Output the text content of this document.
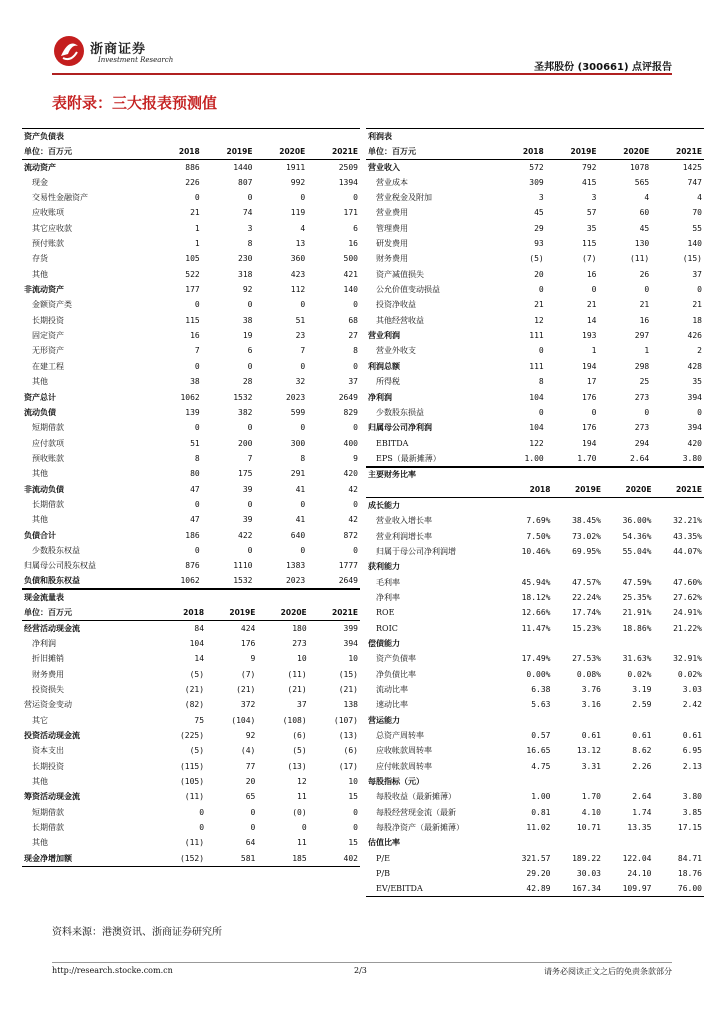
浙商证券
Investment Research
圣邦股份 (300661) 点评报告
表附录：三大报表预测值
资产负债表				
单位：百万元	2018	2019E	2020E	2021E
流动资产	886	1440	1911	2509
现金	226	807	992	1394
交易性金融资产	0	0	0	0
应收账项	21	74	119	171
其它应收款	1	3	4	6
预付账款	1	8	13	16
存货	105	230	360	500
其他	522	318	423	421
非流动资产	177	92	112	140
金额资产类	0	0	0	0
长期投资	115	38	51	68
固定资产	16	19	23	27
无形资产	7	6	7	8
在建工程	0	0	0	0
其他	38	28	32	37
资产总计	1062	1532	2023	2649
流动负债	139	382	599	829
短期借款	0	0	0	0
应付款项	51	200	300	400
预收账款	8	7	8	9
其他	80	175	291	420
非流动负债	47	39	41	42
长期借款	0	0	0	0
其他	47	39	41	42
负债合计	186	422	640	872
少数股东权益	0	0	0	0
归属母公司股东权益	876	1110	1383	1777
负债和股东权益	1062	1532	2023	2649
现金流量表				
单位：百万元	2018	2019E	2020E	2021E
经营活动现金流	84	424	180	399
净利润	104	176	273	394
折旧摊销	14	9	10	10
财务费用	(5)	(7)	(11)	(15)
投资损失	(21)	(21)	(21)	(21)
营运资金变动	(82)	372	37	138
其它	75	(104)	(108)	(107)
投资活动现金流	(225)	92	(6)	(13)
资本支出	(5)	(4)	(5)	(6)
长期投资	(115)	77	(13)	(17)
其他	(105)	20	12	10
筹资活动现金流	(11)	65	11	15
短期借款	0	0	(0)	0
长期借款	0	0	0	0
其他	(11)	64	11	15
现金净增加额	(152)	581	185	402
利润表				
单位：百万元	2018	2019E	2020E	2021E
营业收入	572	792	1078	1425
营业成本	309	415	565	747
营业税金及附加	3	3	4	4
营业费用	45	57	60	70
管理费用	29	35	45	55
研发费用	93	115	130	140
财务费用	(5)	(7)	(11)	(15)
资产减值损失	20	16	26	37
公允价值变动损益	0	0	0	0
投资净收益	21	21	21	21
其他经营收益	12	14	16	18
营业利润	111	193	297	426
营业外收支	0	1	1	2
利润总额	111	194	298	428
所得税	8	17	25	35
净利润	104	176	273	394
少数股东损益	0	0	0	0
归属母公司净利润	104	176	273	394
EBITDA	122	194	294	420
EPS（最新摊薄）	1.00	1.70	2.64	3.80
主要财务比率				
	2018	2019E	2020E	2021E
成长能力				
营业收入增长率	7.69%	38.45%	36.00%	32.21%
营业利润增长率	7.50%	73.02%	54.36%	43.35%
归属于母公司净利润增	10.46%	69.95%	55.04%	44.07%
获利能力				
毛利率	45.94%	47.57%	47.59%	47.60%
净利率	18.12%	22.24%	25.35%	27.62%
ROE	12.66%	17.74%	21.91%	24.91%
ROIC	11.47%	15.23%	18.86%	21.22%
偿债能力				
资产负债率	17.49%	27.53%	31.63%	32.91%
净负债比率	0.00%	0.08%	0.02%	0.02%
流动比率	6.38	3.76	3.19	3.03
速动比率	5.63	3.16	2.59	2.42
营运能力				
总资产周转率	0.57	0.61	0.61	0.61
应收帐款周转率	16.65	13.12	8.62	6.95
应付帐款周转率	4.75	3.31	2.26	2.13
每股指标（元）				
每股收益（最新摊薄）	1.00	1.70	2.64	3.80
每股经营现金流（最新	0.81	4.10	1.74	3.85
每股净资产（最新摊薄）	11.02	10.71	13.35	17.15
估值比率				
P/E	321.57	189.22	122.04	84.71
P/B	29.20	30.03	24.10	18.76
EV/EBITDA	42.89	167.34	109.97	76.00
资料来源：港澳资讯、浙商证券研究所
http://research.stocke.com.cn	2/3	请务必阅读正文之后的免责条款部分
